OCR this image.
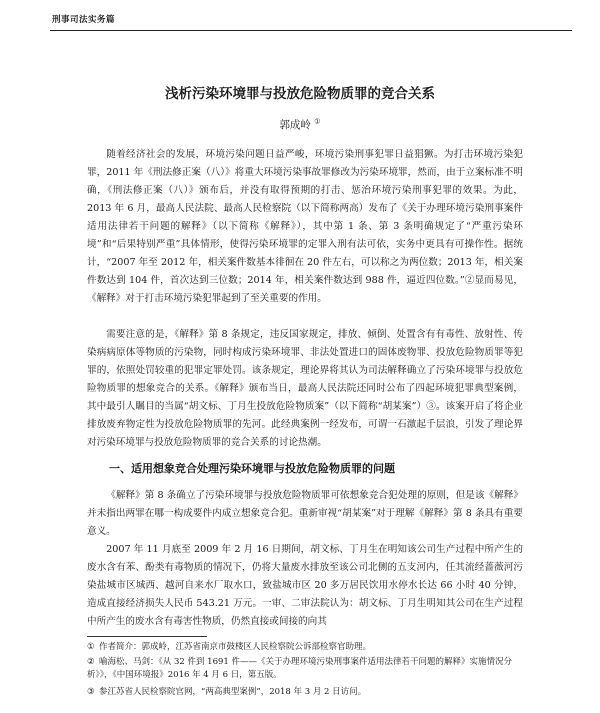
刑事司法实务篇
浅析污染环境罪与投放危险物质罪的竞合关系
郭成岭 ①

随着经济社会的发展，环境污染问题日益严峻，环境污染刑事犯罪日益猖獗。为打击环境污染犯罪，2011 年《刑法修正案（八）》将重大环境污染事故罪修改为污染环境罪，然而，由于立案标准不明确，《刑法修正案（八）》颁布后，并没有取得预期的打击、惩治环境污染刑事犯罪的效果。为此，2013 年 6 月，最高人民法院、最高人民检察院（以下简称两高）发布了《关于办理环境污染刑事案件适用法律若干问题的解释》（以下简称《解释》），其中第 1 条、第 3 条明确规定了“严重污染环境”和“后果特别严重”具体情形，使得污染环境罪的定罪入刑有法可依，实务中更具有可操作性。据统计，“2007 年至 2012 年，相关案件数基本徘徊在 20 件左右，可以称之为两位数；2013 年，相关案件数达到 104 件，首次达到三位数；2014 年，相关案件数达到 988 件，逼近四位数。”②显而易见，《解释》对于打击环境污染犯罪起到了至关重要的作用。

需要注意的是，《解释》第 8 条规定，违反国家规定，排放、倾倒、处置含有有毒性、放射性、传染病病原体等物质的污染物，同时构成污染环境罪、非法处置进口的固体废物罪、投放危险物质罪等犯罪的，依照处罚较重的犯罪定罪处罚。该条规定，理论界将其认为司法解释确立了污染环境罪与投放危险物质罪的想象竞合的关系。《解释》颁布当日，最高人民法院还同时公布了四起环境犯罪典型案例，其中最引人瞩目的当属“胡文标、丁月生投放危险物质案”（以下简称“胡某案”）③。该案开启了将企业排放废弃物定性为投放危险物质罪的先河。此经典案例一经发布，可谓一石激起千层浪，引发了理论界对污染环境罪与投放危险物质罪的竞合关系的讨论热潮。

一、适用想象竞合处理污染环境罪与投放危险物质罪的问题

《解释》第 8 条确立了污染环境罪与投放危险物质罪可依想象竞合犯处理的原则，但是该《解释》并未指出两罪在哪一构成要件内成立想象竞合犯。重新审视“胡某案”对于理解《解释》第 8 条具有重要意义。

2007 年 11 月底至 2009 年 2 月 16 日期间，胡文标、丁月生在明知该公司生产过程中所产生的废水含有苯、酚类有毒物质的情况下，仍将大量废水排放至该公司北侧的五支河内，任其流经蔷薇河污染盐城市区城西、越河自来水厂取水口，致盐城市区 20 多万居民饮用水停水长达 66 小时 40 分钟，造成直接经济损失人民币 543.21 万元。一审、二审法院认为：胡文标、丁月生明知其公司在生产过程中所产生的废水含有毒害性物质，仍然直接或间接的向其

① 作者简介：郭成岭，江苏省南京市鼓楼区人民检察院公诉部检察官助理。

② 喻海松、马剑：《从 32 件到 1691 件——《关于办理环境污染刑事案件适用法律若干问题的解释》实施情况分析》》，《中国环境报》2016 年 4 月 6 日，第五版。

③ 参江苏省人民检察院官网，“两高典型案例”，2018 年 3 月 2 日访问。
